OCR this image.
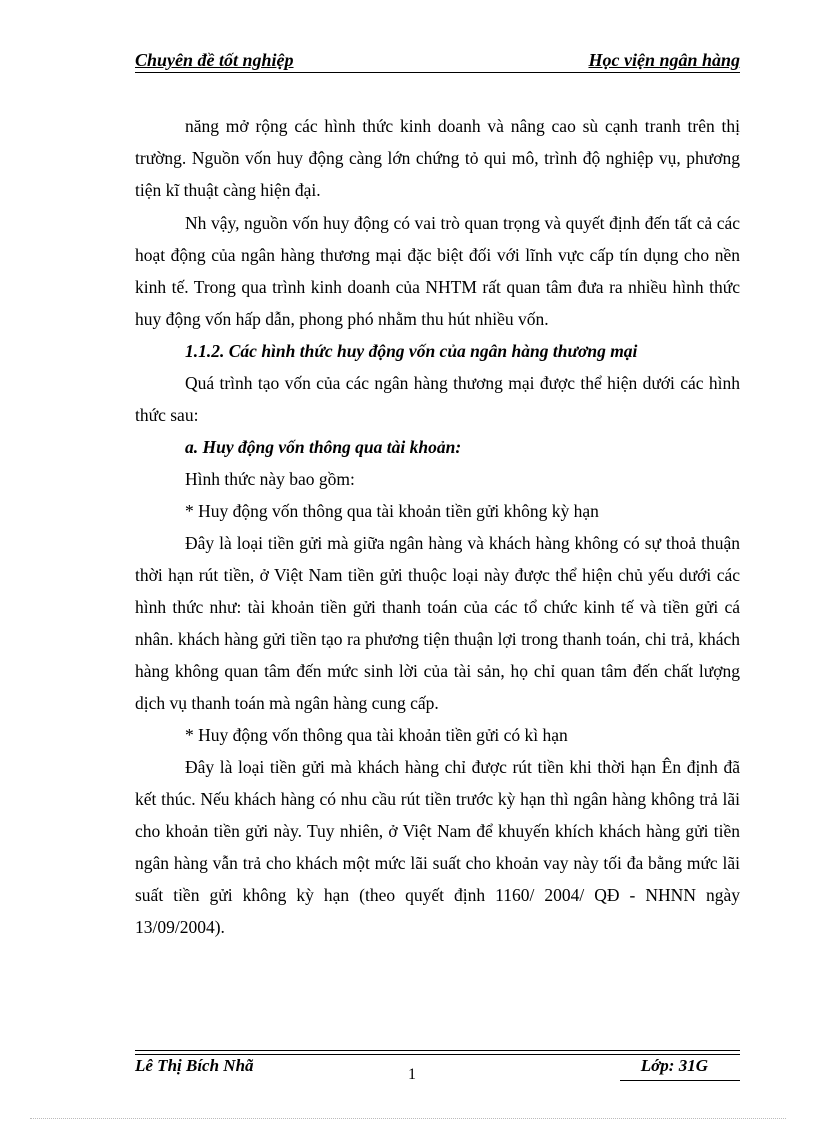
Chuyên đề tốt nghiệp	Học viện ngân hàng

năng mở rộng các hình thức kinh doanh và nâng cao sù cạnh tranh trên thị trường. Nguồn vốn huy động càng lớn chứng tỏ qui mô, trình độ nghiệp vụ, phương tiện kĩ thuật càng hiện đại.

Nh vậy, nguồn vốn huy động có vai trò quan trọng và quyết định đến tất cả các hoạt động của ngân hàng thương mại đặc biệt đối với lĩnh vực cấp tín dụng cho nền kinh tế. Trong qua trình kinh doanh của NHTM rất quan tâm đưa ra nhiều hình thức huy động vốn hấp dẫn, phong phó nhằm thu hút nhiều vốn.

1.1.2. Các hình thức huy động vốn của ngân hàng thương mại

Quá trình tạo vốn của các ngân hàng thương mại được thể hiện dưới các hình thức sau:

a. Huy động vốn thông qua tài khoản:

Hình thức này bao gồm:

* Huy động vốn thông qua tài khoản tiền gửi không kỳ hạn

Đây là loại tiền gửi mà giữa ngân hàng và khách hàng không có sự thoả thuận thời hạn rút tiền, ở Việt Nam tiền gửi thuộc loại này được thể hiện chủ yếu dưới các hình thức như: tài khoản tiền gửi thanh toán của các tổ chức kinh tế và tiền gửi cá nhân. khách hàng gửi tiền tạo ra phương tiện thuận lợi trong thanh toán, chi trả, khách hàng không quan tâm đến mức sinh lời của tài sản, họ chỉ quan tâm đến chất lượng dịch vụ thanh toán mà ngân hàng cung cấp.

* Huy động vốn thông qua tài khoản tiền gửi có kì hạn

Đây là loại tiền gửi mà khách hàng chỉ được rút tiền khi thời hạn Ên định đã kết thúc. Nếu khách hàng có nhu cầu rút tiền trước kỳ hạn thì ngân hàng không trả lãi cho khoản tiền gửi này. Tuy nhiên, ở Việt Nam để khuyến khích khách hàng gửi tiền ngân hàng vẫn trả cho khách một mức lãi suất cho khoản vay này tối đa bằng mức lãi suất tiền gửi không kỳ hạn (theo quyết định 1160/ 2004/ QĐ - NHNN ngày 13/09/2004).

Lê Thị Bích Nhã	1	Lớp: 31G
